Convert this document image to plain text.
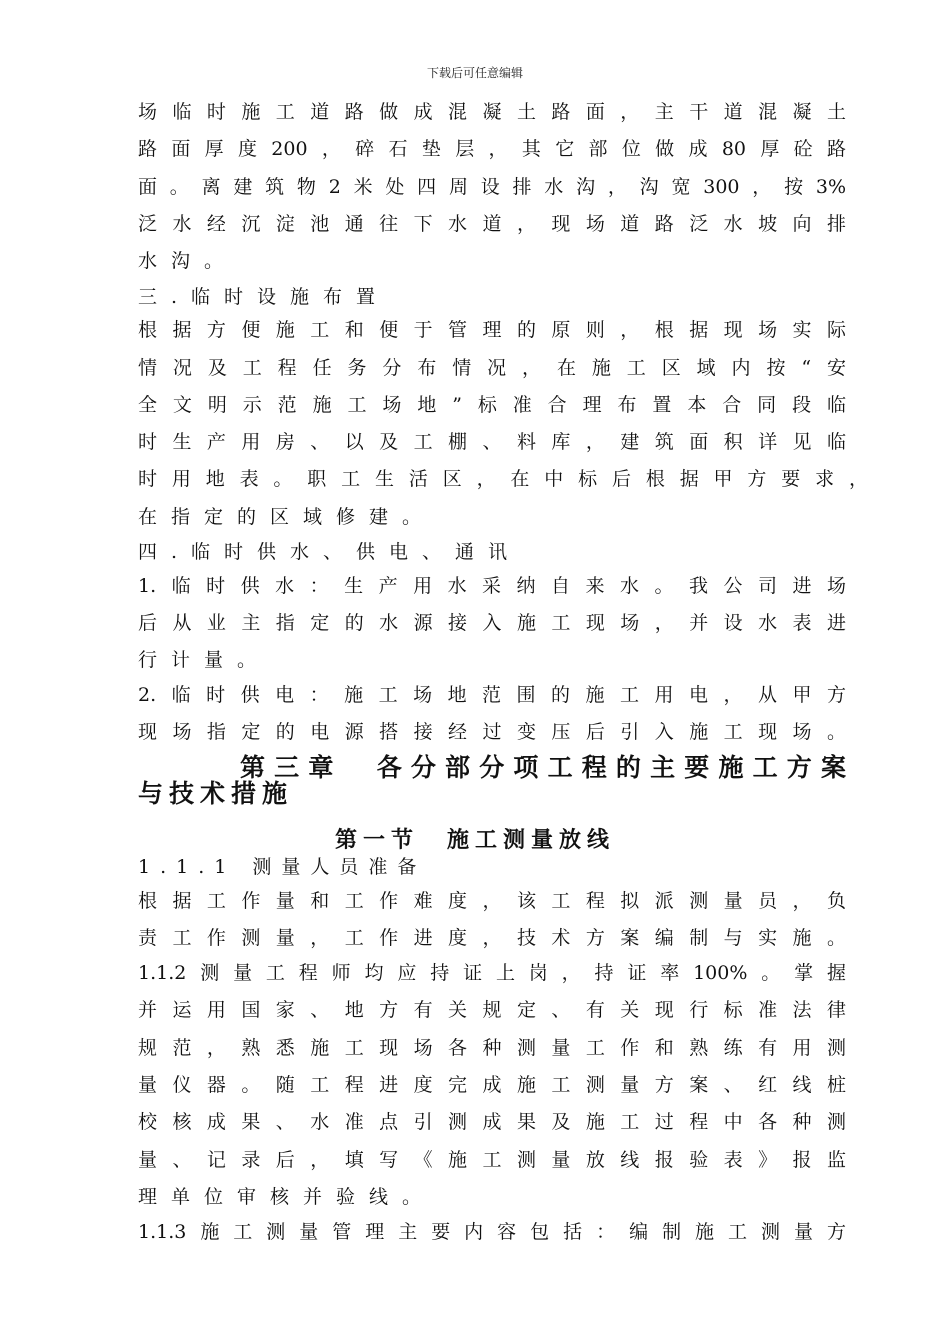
下载后可任意编辑
场临时施工道路做成混凝土路面，主干道混凝土
路面厚度200，碎石垫层，其它部位做成80厚砼路
面。离建筑物2米处四周设排水沟，沟宽300，按3%
泛水经沉淀池通往下水道，现场道路泛水坡向排
水沟。
三.临时设施布置
根据方便施工和便于管理的原则，根据现场实际
情况及工程任务分布情况，在施工区域内按“安
全文明示范施工场地”标准合理布置本合同段临
时生产用房、以及工棚、料库，建筑面积详见临
时用地表。职工生活区，在中标后根据甲方要求，
在指定的区域修建。
四.临时供水、供电、通讯
1.临时供水：生产用水采纳自来水。我公司进场
后从业主指定的水源接入施工现场，并设水表进
行计量。
2.临时供电：施工场地范围的施工用电，从甲方
现场指定的电源搭接经过变压后引入施工现场。
第三章　各分部分项工程的主要施工方案
与技术措施
第一节　施工测量放线
1.1.1 测量人员准备
根据工作量和工作难度，该工程拟派测量员，负
责工作测量，工作进度，技术方案编制与实施。
1.1.2测量工程师均应持证上岗，持证率100%。掌握
并运用国家、地方有关规定、有关现行标准法律
规范，熟悉施工现场各种测量工作和熟练有用测
量仪器。随工程进度完成施工测量方案、红线桩
校核成果、水准点引测成果及施工过程中各种测
量、记录后，填写《施工测量放线报验表》报监
理单位审核并验线。
1.1.3施工测量管理主要内容包括：编制施工测量方
